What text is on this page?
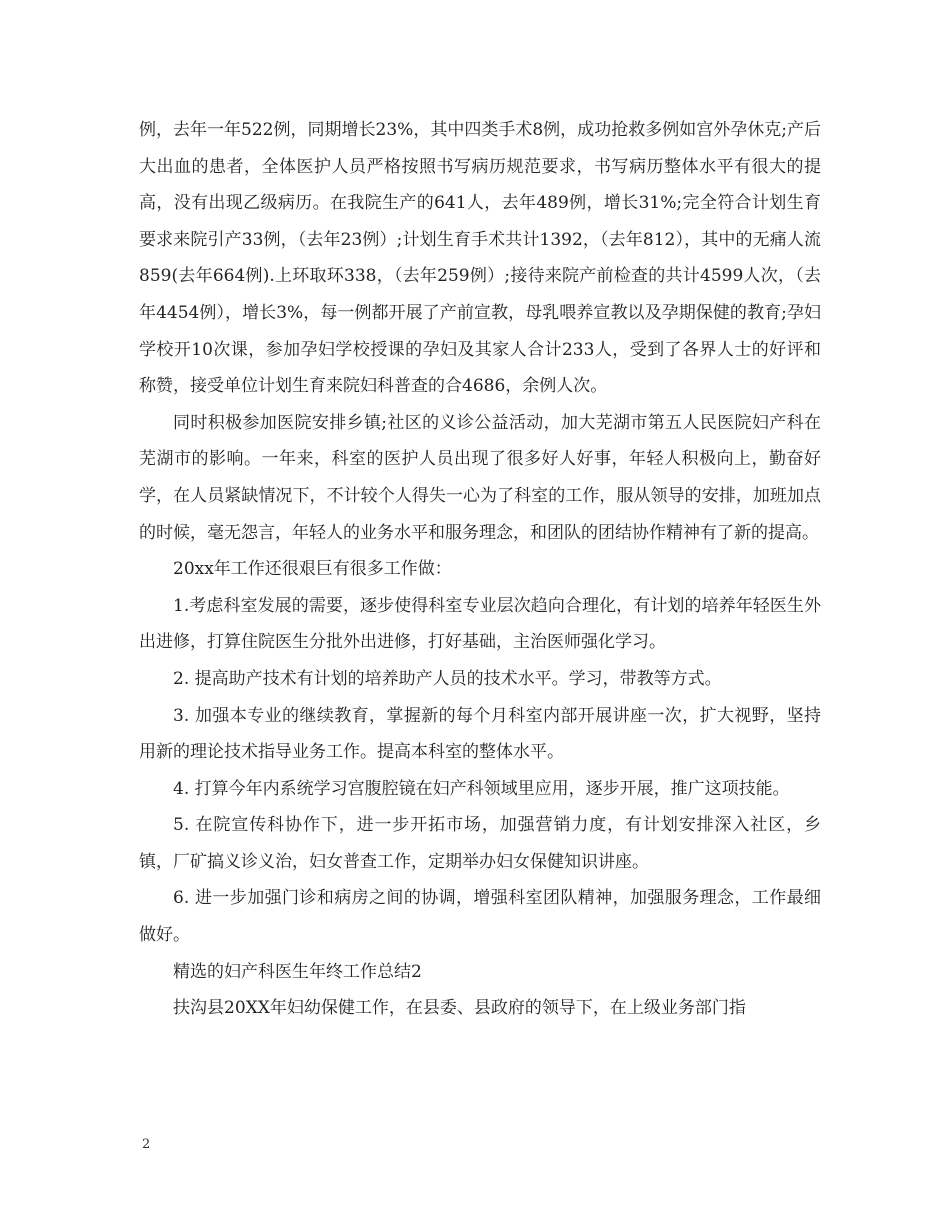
例，去年一年522例，同期增长23%，其中四类手术8例，成功抢救多例如宫外孕休克;产后大出血的患者，全体医护人员严格按照书写病历规范要求，书写病历整体水平有很大的提高，没有出现乙级病历。在我院生产的641人，去年489例，增长31%;完全符合计划生育要求来院引产33例，（去年23例）;计划生育手术共计1392，（去年812），其中的无痛人流859(去年664例).上环取环338，（去年259例）;接待来院产前检查的共计4599人次，（去年4454例），增长3%，每一例都开展了产前宣教，母乳喂养宣教以及孕期保健的教育;孕妇学校开10次课，参加孕妇学校授课的孕妇及其家人合计233人，受到了各界人士的好评和称赞，接受单位计划生育来院妇科普查的合4686，余例人次。

同时积极参加医院安排乡镇;社区的义诊公益活动，加大芜湖市第五人民医院妇产科在芜湖市的影响。一年来，科室的医护人员出现了很多好人好事，年轻人积极向上，勤奋好学，在人员紧缺情况下，不计较个人得失一心为了科室的工作，服从领导的安排，加班加点的时候，毫无怨言，年轻人的业务水平和服务理念，和团队的团结协作精神有了新的提高。

20xx年工作还很艰巨有很多工作做：

1.考虑科室发展的需要，逐步使得科室专业层次趋向合理化，有计划的培养年轻医生外出进修，打算住院医生分批外出进修，打好基础，主治医师强化学习。

2. 提高助产技术有计划的培养助产人员的技术水平。学习，带教等方式。

3. 加强本专业的继续教育，掌握新的每个月科室内部开展讲座一次，扩大视野，坚持用新的理论技术指导业务工作。提高本科室的整体水平。

4. 打算今年内系统学习宫腹腔镜在妇产科领域里应用，逐步开展，推广这项技能。

5. 在院宣传科协作下，进一步开拓市场，加强营销力度，有计划安排深入社区，乡镇，厂矿搞义诊义治，妇女普查工作，定期举办妇女保健知识讲座。

6. 进一步加强门诊和病房之间的协调，增强科室团队精神，加强服务理念，工作最细做好。

精选的妇产科医生年终工作总结2

扶沟县20XX年妇幼保健工作，在县委、县政府的领导下，在上级业务部门指

2
